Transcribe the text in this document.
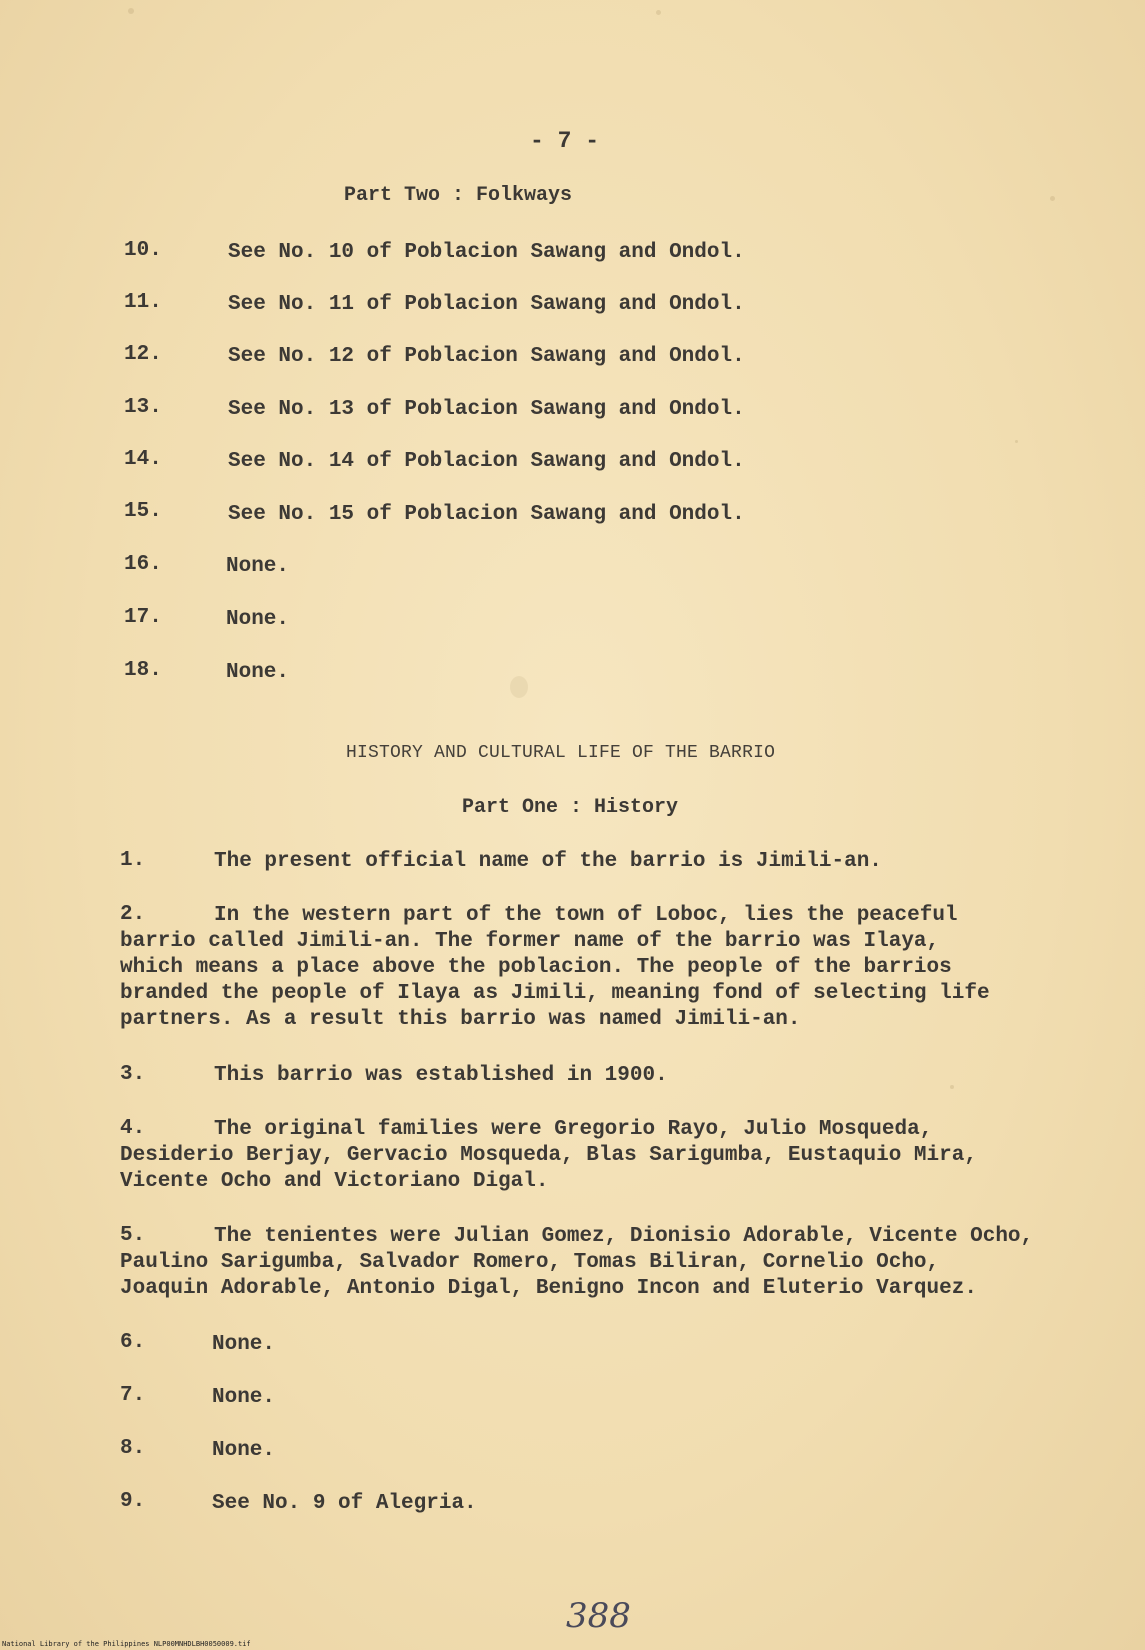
- 7 -
Part Two : Folkways
10.	See No. 10 of Poblacion Sawang and Ondol.
11.	See No. 11 of Poblacion Sawang and Ondol.
12.	See No. 12 of Poblacion Sawang and Ondol.
13.	See No. 13 of Poblacion Sawang and Ondol.
14.	See No. 14 of Poblacion Sawang and Ondol.
15.	See No. 15 of Poblacion Sawang and Ondol.
16.	None.
17.	None.
18.	None.
HISTORY AND CULTURAL LIFE OF THE BARRIO
Part One : History
1.	The present official name of the barrio is Jimili-an.
2.	In the western part of the town of Loboc, lies the peaceful
barrio called Jimili-an. The former name of the barrio was Ilaya,
which means a place above the poblacion. The people of the barrios
branded the people of Ilaya as Jimili, meaning fond of selecting life
partners. As a result this barrio was named Jimili-an.
3.	This barrio was established in 1900.
4.	The original families were Gregorio Rayo, Julio Mosqueda,
Desiderio Berjay, Gervacio Mosqueda, Blas Sarigumba, Eustaquio Mira,
Vicente Ocho and Victoriano Digal.
5.	The tenientes were Julian Gomez, Dionisio Adorable, Vicente Ocho,
Paulino Sarigumba, Salvador Romero, Tomas Biliran, Cornelio Ocho,
Joaquin Adorable, Antonio Digal, Benigno Incon and Eluterio Varquez.
6.	None.
7.	None.
8.	None.
9.	See No. 9 of Alegria.
388
National Library of the Philippines NLP00MNHDLBH0050009.tif
